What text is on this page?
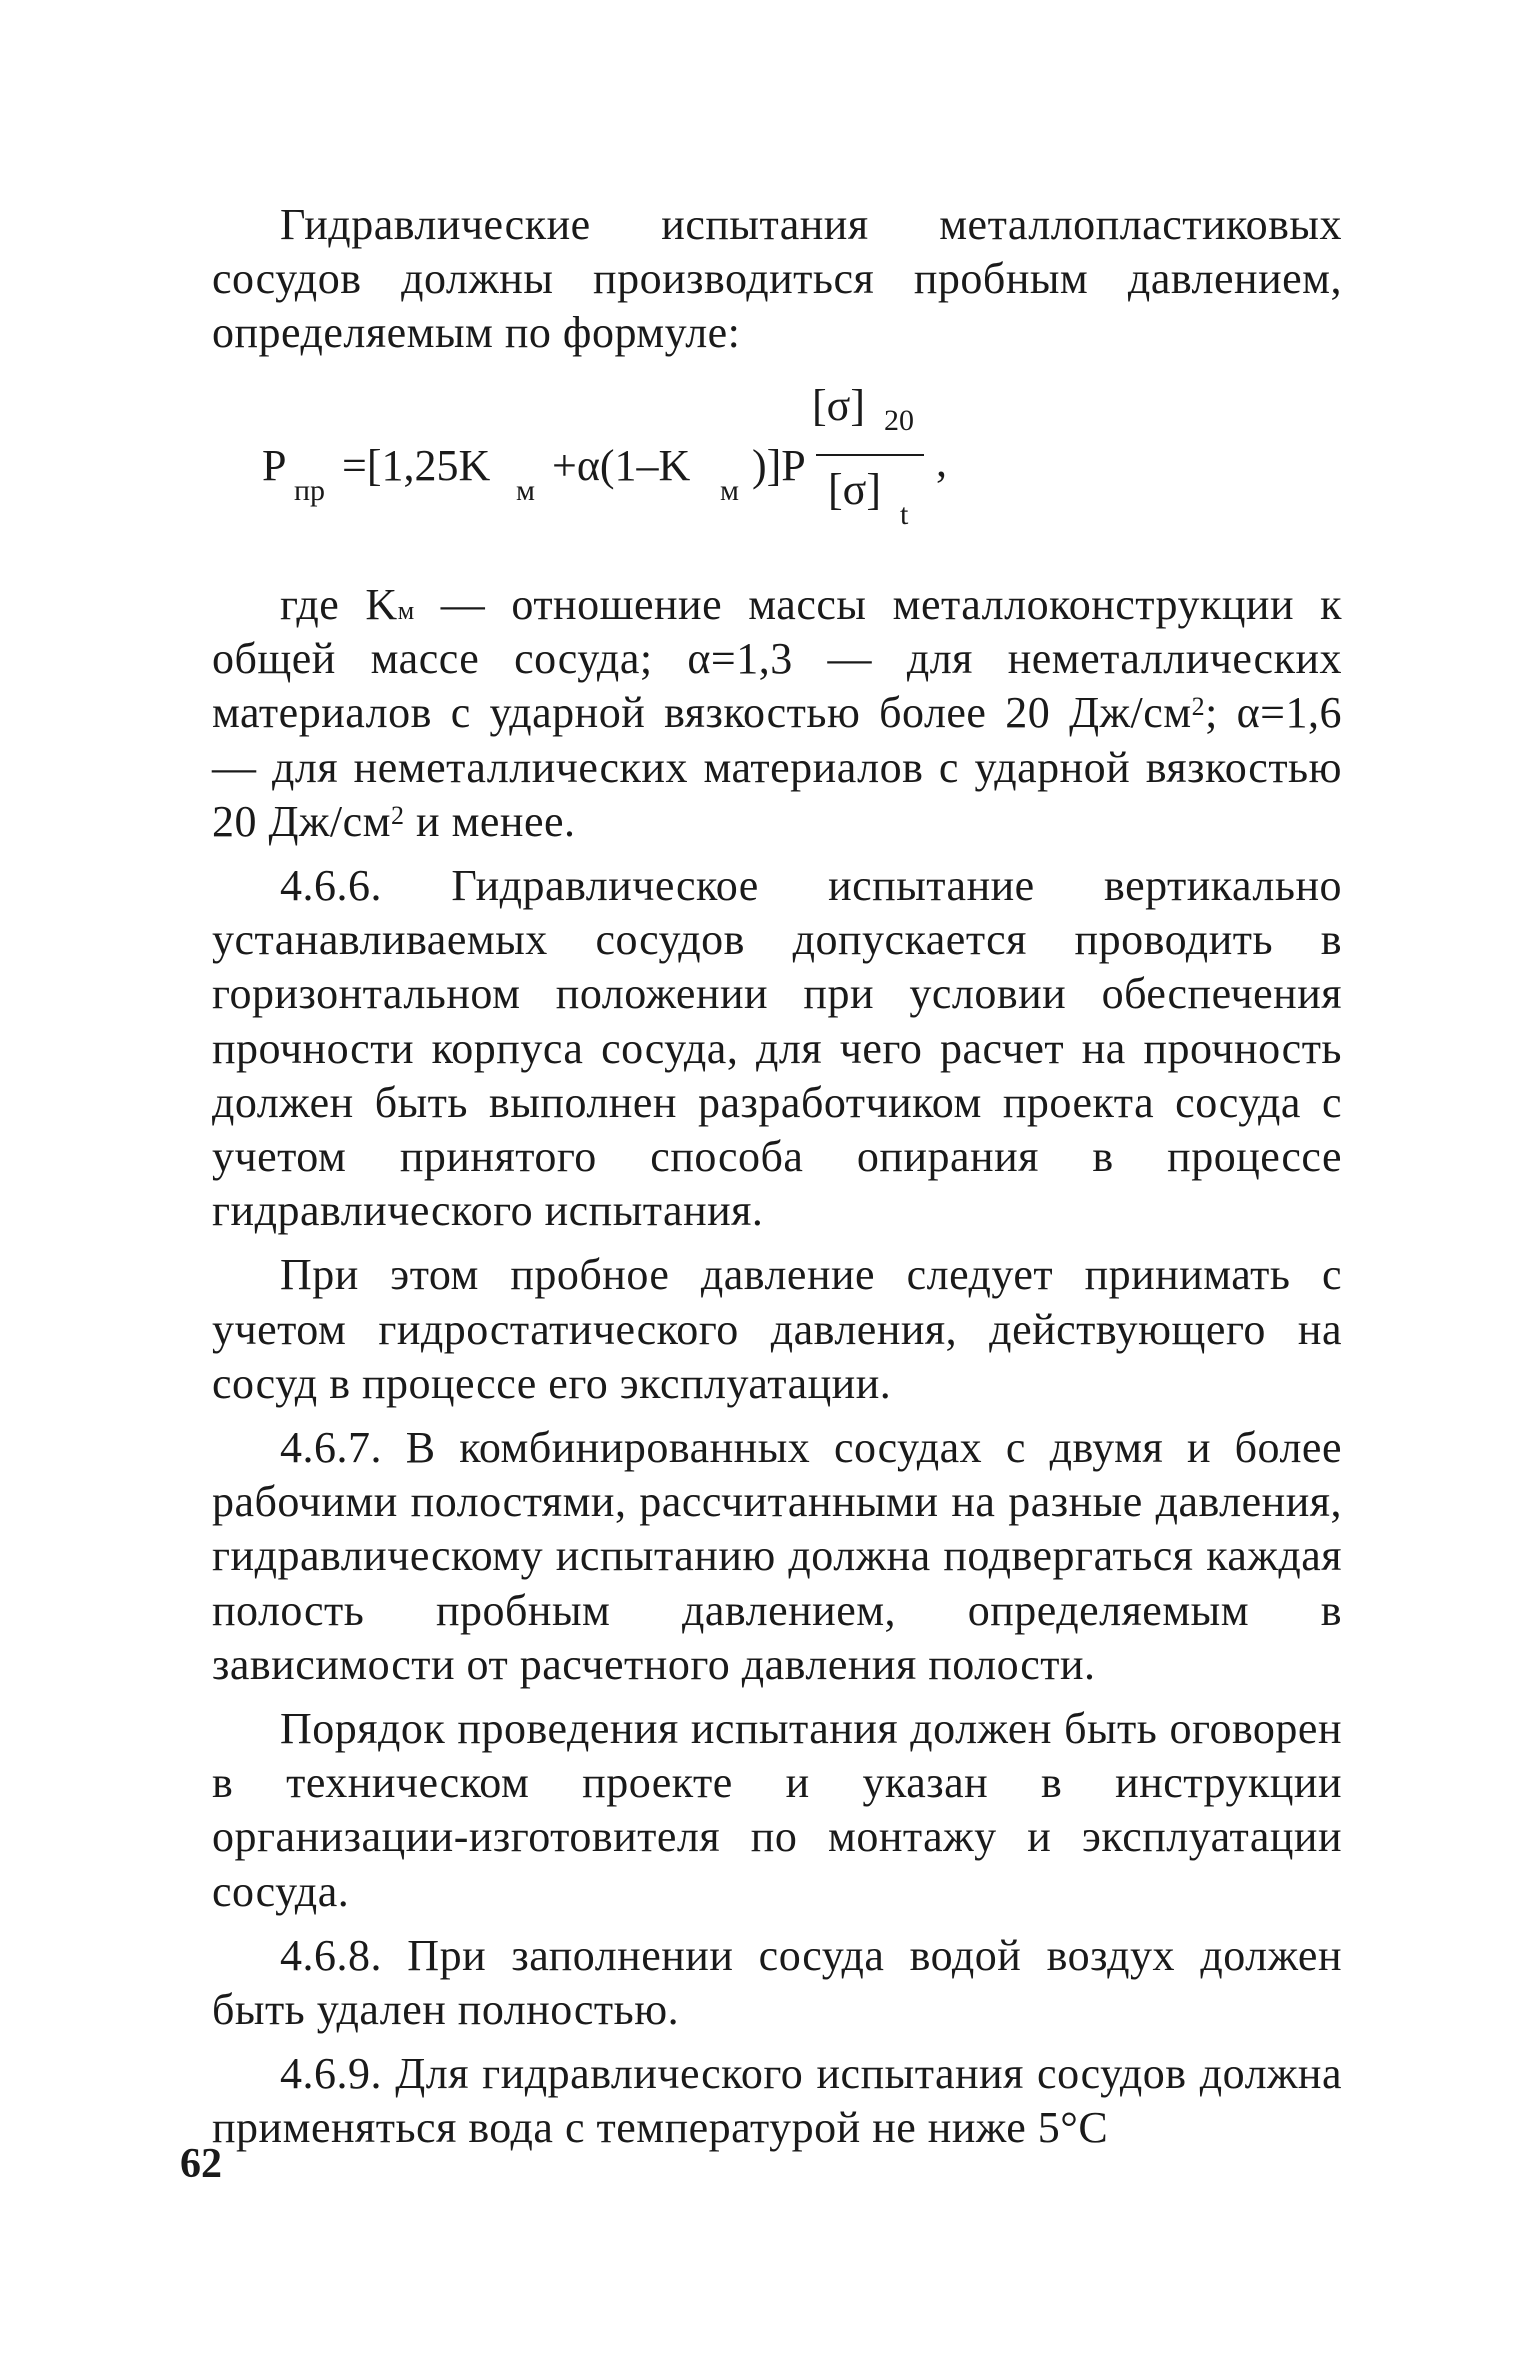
Гидравлические испытания металлопластиковых сосудов должны производиться пробным давлением, определяемым по формуле:

P
пр
=[1,25K
м
+α(1–K
м
)]P
[σ] 20
[σ]
t
,

где $K_м$ — отношение массы металлоконструкции к общей массе сосуда; α=1,3 — для неметаллических материалов с ударной вязкостью более 20 $Дж/см^2$; α=1,6 — для неметаллических материалов с ударной вязкостью 20 $Дж/см^2$ и менее.

4.6.6. Гидравлическое испытание вертикально устанавливаемых сосудов допускается проводить в горизонтальном положении при условии обеспечения прочности корпуса сосуда, для чего расчет на прочность должен быть выполнен разработчиком проекта сосуда с учетом принятого способа опирания в процессе гидравлического испытания.

При этом пробное давление следует принимать с учетом гидростатического давления, действующего на сосуд в процессе его эксплуатации.

4.6.7. В комбинированных сосудах с двумя и более рабочими полостями, рассчитанными на разные давления, гидравлическому испытанию должна подвергаться каждая полость пробным давлением, определяемым в зависимости от расчетного давления полости.

Порядок проведения испытания должен быть оговорен в техническом проекте и указан в инструкции организации-изготовителя по монтажу и эксплуатации сосуда.

4.6.8. При заполнении сосуда водой воздух должен быть удален полностью.

4.6.9. Для гидравлического испытания сосудов должна применяться вода с температурой не ниже 5°C

62
